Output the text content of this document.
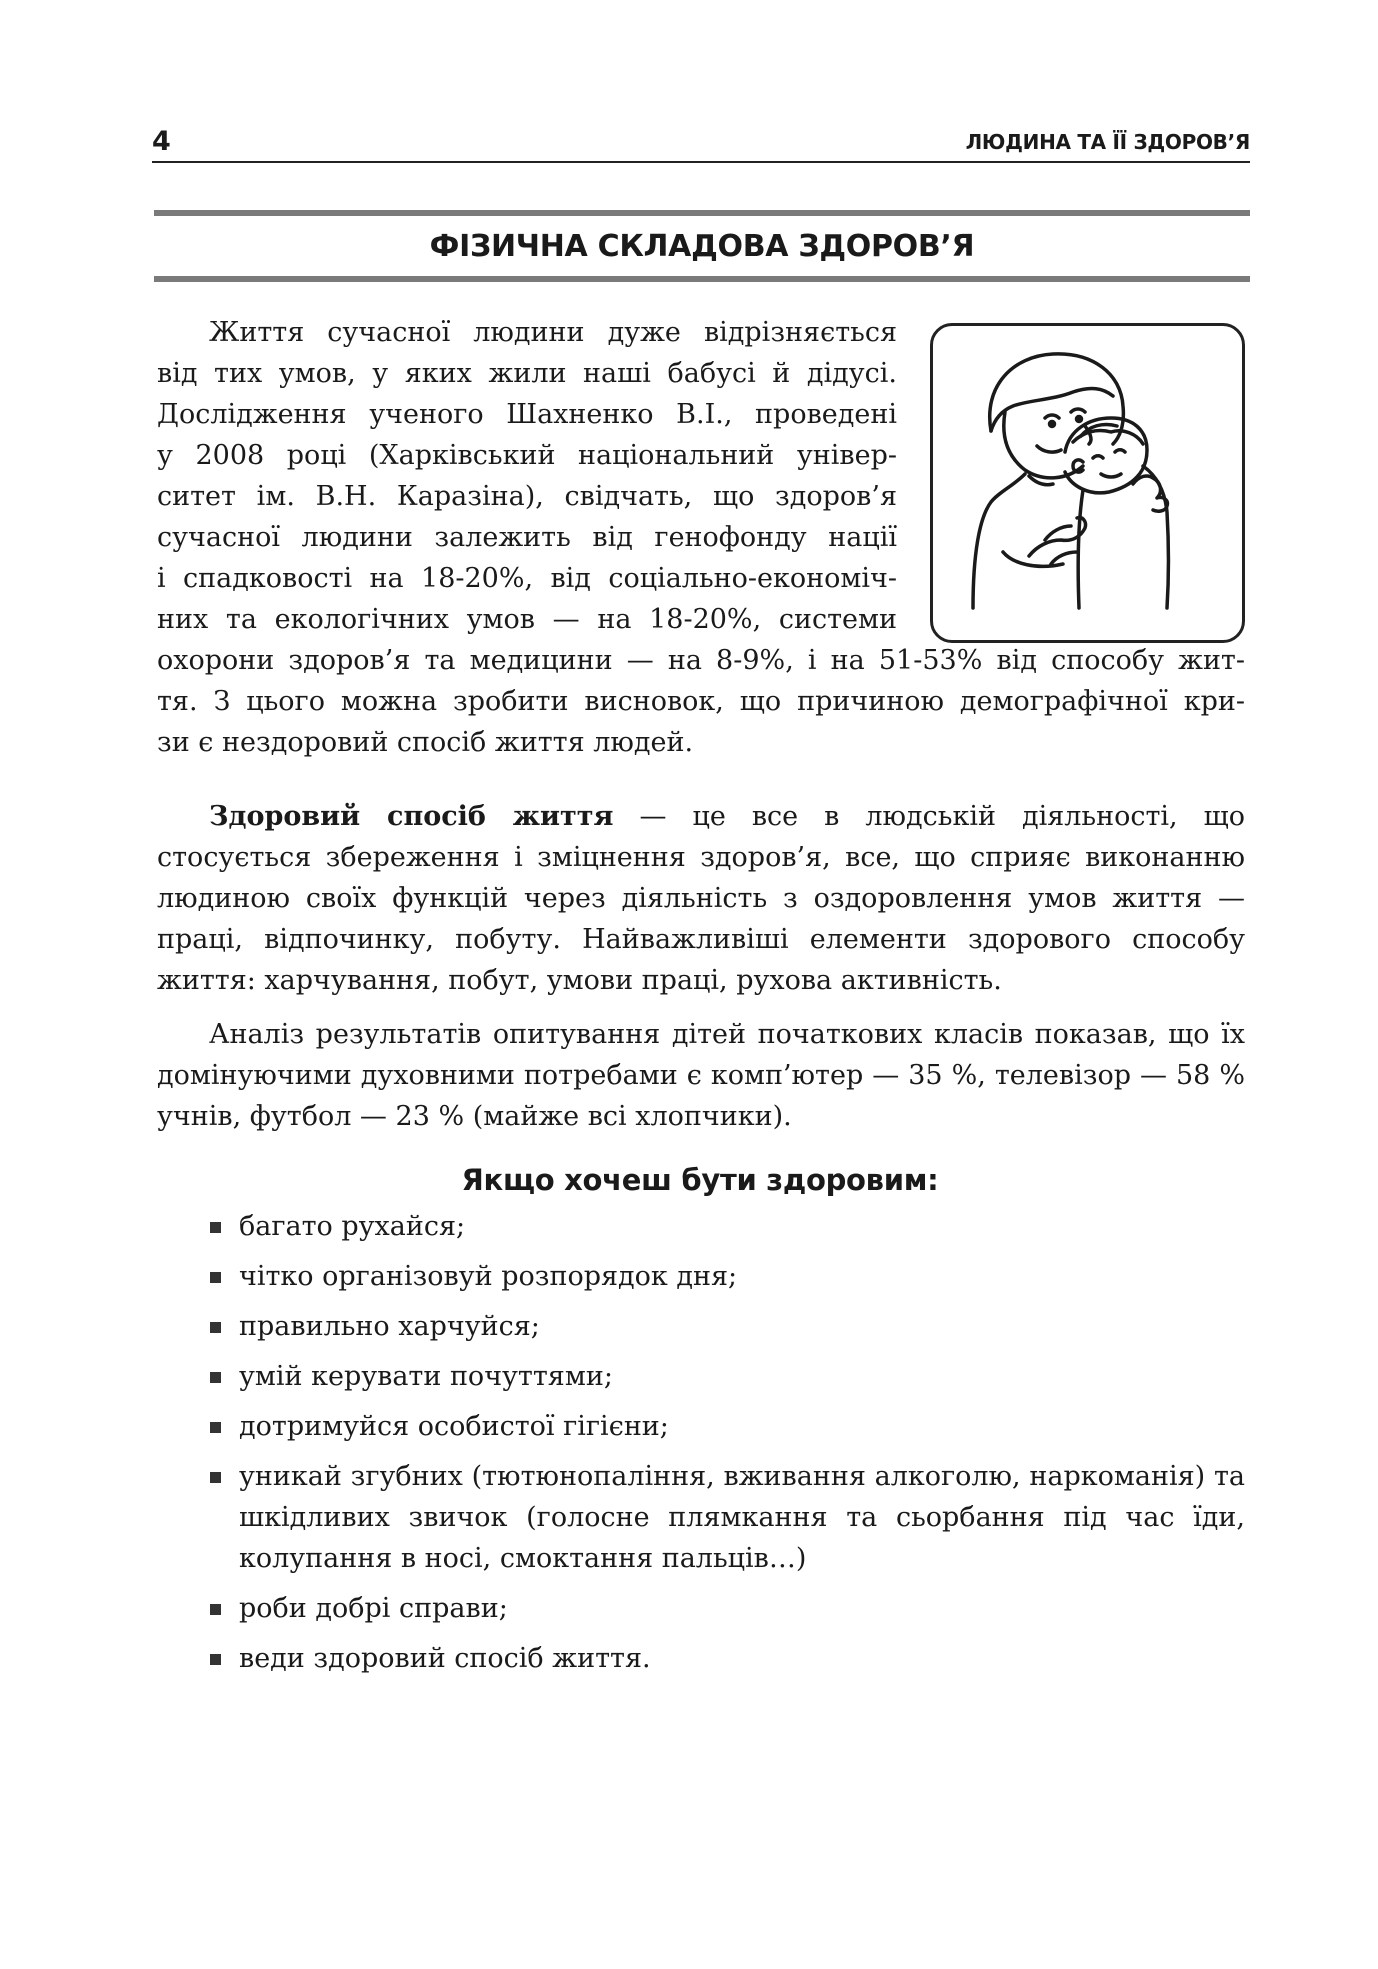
4	ЛЮДИНА ТА ЇЇ ЗДОРОВ’Я
ФІЗИЧНА СКЛАДОВА ЗДОРОВ’Я

Життя сучасної людини дуже відрізняється

від тих умов, у яких жили наші бабусі й дідусі.

Дослідження ученого Шахненко В.І., проведені

у 2008 році (Харківський національний універ-

ситет ім. В.Н. Каразіна), свідчать, що здоров’я

сучасної людини залежить від генофонду нації

і спадковості на 18-20%, від соціально-економіч-

них та екологічних умов — на 18-20%, системи

охорони здоров’я та медицини — на 8-9%, і на 51-53% від способу жит-

тя. З цього можна зробити висновок, що причиною демографічної кри-

зи є нездоровий спосіб життя людей.

Здоровий спосіб життя — це все в людській діяльності, що стосується збереження і зміцнення здоров’я, все, що сприяє виконанню людиною своїх функцій через діяльність з оздоровлення умов життя — праці, відпочинку, побуту. Найважливіші елементи здорового способу життя: харчування, побут, умови праці, рухова активність.
Аналіз результатів опитування дітей початкових класів показав, що їх домінуючими духовними потребами є комп’ютер — 35 %, телевізор — 58 % учнів, футбол — 23 % (майже всі хлопчики).
Якщо хочеш бути здоровим:
багато рухайся;
чітко організовуй розпорядок дня;
правильно харчуйся;
умій керувати почуттями;
дотримуйся особистої гігієни;
уникай згубних (тютюнопаління, вживання алкоголю, наркоманія) та шкідливих звичок (голосне плямкання та сьорбання під час їди, колупання в носі, смоктання пальців…)
роби добрі справи;
веди здоровий спосіб життя.
